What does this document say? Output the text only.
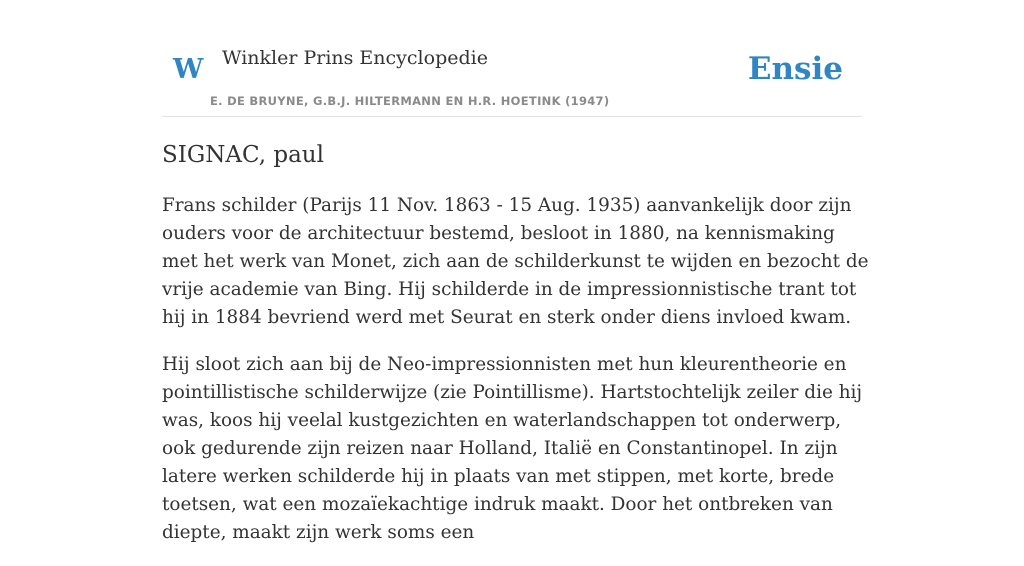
W Winkler Prins Encyclopedie
E. DE BRUYNE, G.B.J. HILTERMANN EN H.R. HOETINK (1947)
Ensie
SIGNAC, paul

Frans schilder (Parijs 11 Nov. 1863 - 15 Aug. 1935) aanvankelijk door zijn ouders voor de architectuur bestemd, besloot in 1880, na kennismaking met het werk van Monet, zich aan de schilderkunst te wijden en bezocht de vrije academie van Bing. Hij schilderde in de impressionnistische trant tot hij in 1884 bevriend werd met Seurat en sterk onder diens invloed kwam.

Hij sloot zich aan bij de Neo-impressionnisten met hun kleurentheorie en pointillistische schilderwijze (zie Pointillisme). Hartstochtelijk zeiler die hij was, koos hij veelal kustgezichten en waterlandschappen tot onderwerp, ook gedurende zijn reizen naar Holland, Italië en Constantinopel. In zijn latere werken schilderde hij in plaats van met stippen, met korte, brede toetsen, wat een mozaïekachtige indruk maakt. Door het ontbreken van diepte, maakt zijn werk soms een
